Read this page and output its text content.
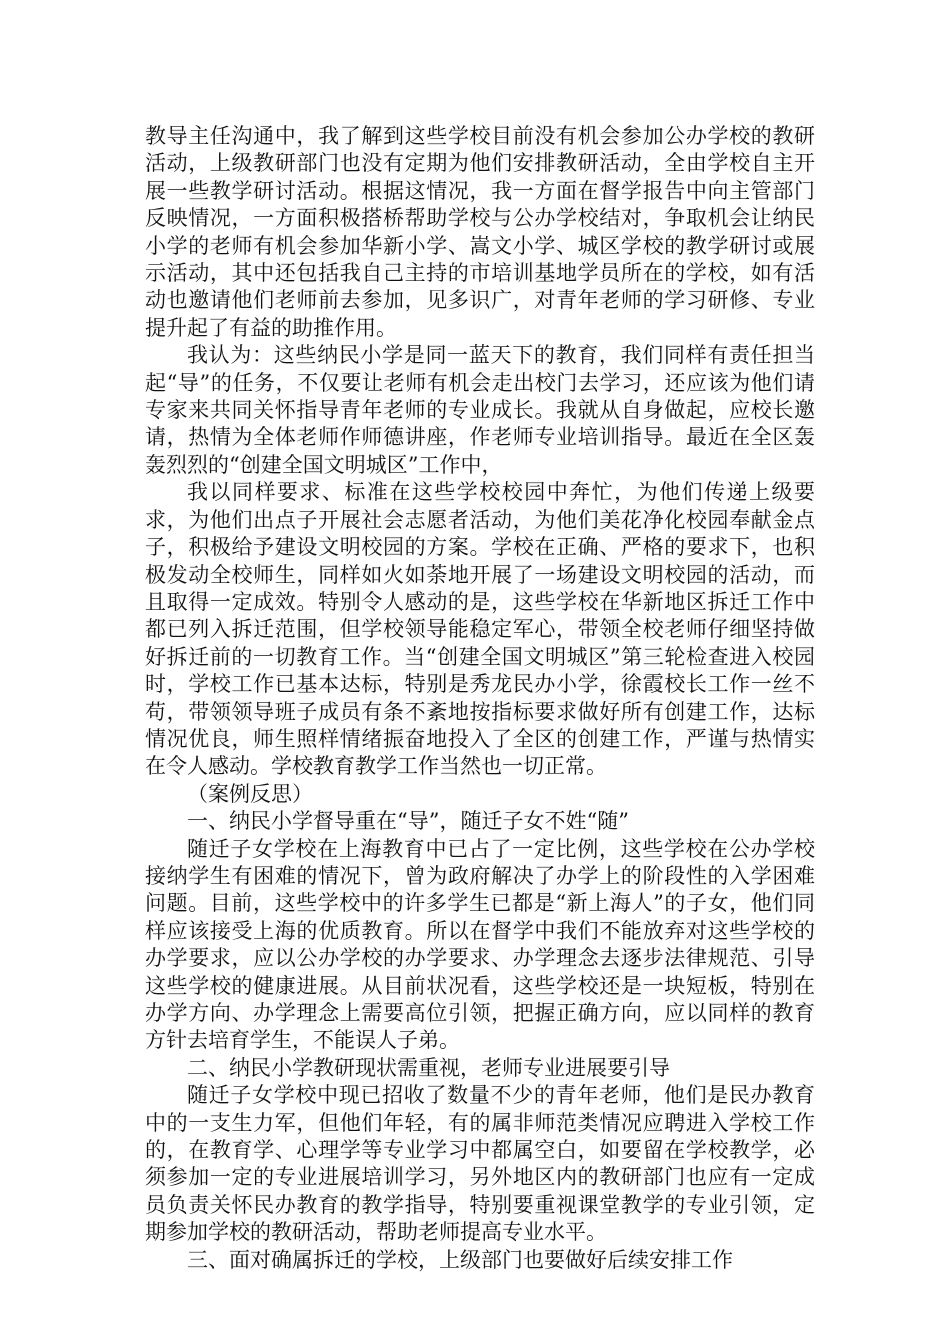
教导主任沟通中，我了解到这些学校目前没有机会参加公办学校的教研活动，上级教研部门也没有定期为他们安排教研活动，全由学校自主开展一些教学研讨活动。根据这情况，我一方面在督学报告中向主管部门反映情况，一方面积极搭桥帮助学校与公办学校结对，争取机会让纳民小学的老师有机会参加华新小学、嵩文小学、城区学校的教学研讨或展示活动，其中还包括我自己主持的市培训基地学员所在的学校，如有活动也邀请他们老师前去参加，见多识广，对青年老师的学习研修、专业提升起了有益的助推作用。

我认为：这些纳民小学是同一蓝天下的教育，我们同样有责任担当起“导”的任务，不仅要让老师有机会走出校门去学习，还应该为他们请专家来共同关怀指导青年老师的专业成长。我就从自身做起，应校长邀请，热情为全体老师作师德讲座，作老师专业培训指导。最近在全区轰轰烈烈的“创建全国文明城区”工作中，

我以同样要求、标准在这些学校校园中奔忙，为他们传递上级要求，为他们出点子开展社会志愿者活动，为他们美花净化校园奉献金点子，积极给予建设文明校园的方案。学校在正确、严格的要求下，也积极发动全校师生，同样如火如荼地开展了一场建设文明校园的活动，而且取得一定成效。特别令人感动的是，这些学校在华新地区拆迁工作中都已列入拆迁范围，但学校领导能稳定军心，带领全校老师仔细坚持做好拆迁前的一切教育工作。当“创建全国文明城区”第三轮检查进入校园时，学校工作已基本达标，特别是秀龙民办小学，徐霞校长工作一丝不苟，带领领导班子成员有条不紊地按指标要求做好所有创建工作，达标情况优良，师生照样情绪振奋地投入了全区的创建工作，严谨与热情实在令人感动。学校教育教学工作当然也一切正常。

（案例反思）

一、纳民小学督导重在“导”，随迁子女不姓“随”

随迁子女学校在上海教育中已占了一定比例，这些学校在公办学校接纳学生有困难的情况下，曾为政府解决了办学上的阶段性的入学困难问题。目前，这些学校中的许多学生已都是“新上海人”的子女，他们同样应该接受上海的优质教育。所以在督学中我们不能放弃对这些学校的办学要求，应以公办学校的办学要求、办学理念去逐步法律规范、引导这些学校的健康进展。从目前状况看，这些学校还是一块短板，特别在办学方向、办学理念上需要高位引领，把握正确方向，应以同样的教育方针去培育学生，不能误人子弟。

二、纳民小学教研现状需重视，老师专业进展要引导

随迁子女学校中现已招收了数量不少的青年老师，他们是民办教育中的一支生力军，但他们年轻，有的属非师范类情况应聘进入学校工作的，在教育学、心理学等专业学习中都属空白，如要留在学校教学，必须参加一定的专业进展培训学习，另外地区内的教研部门也应有一定成员负责关怀民办教育的教学指导，特别要重视课堂教学的专业引领，定期参加学校的教研活动，帮助老师提高专业水平。

三、面对确属拆迁的学校，上级部门也要做好后续安排工作
